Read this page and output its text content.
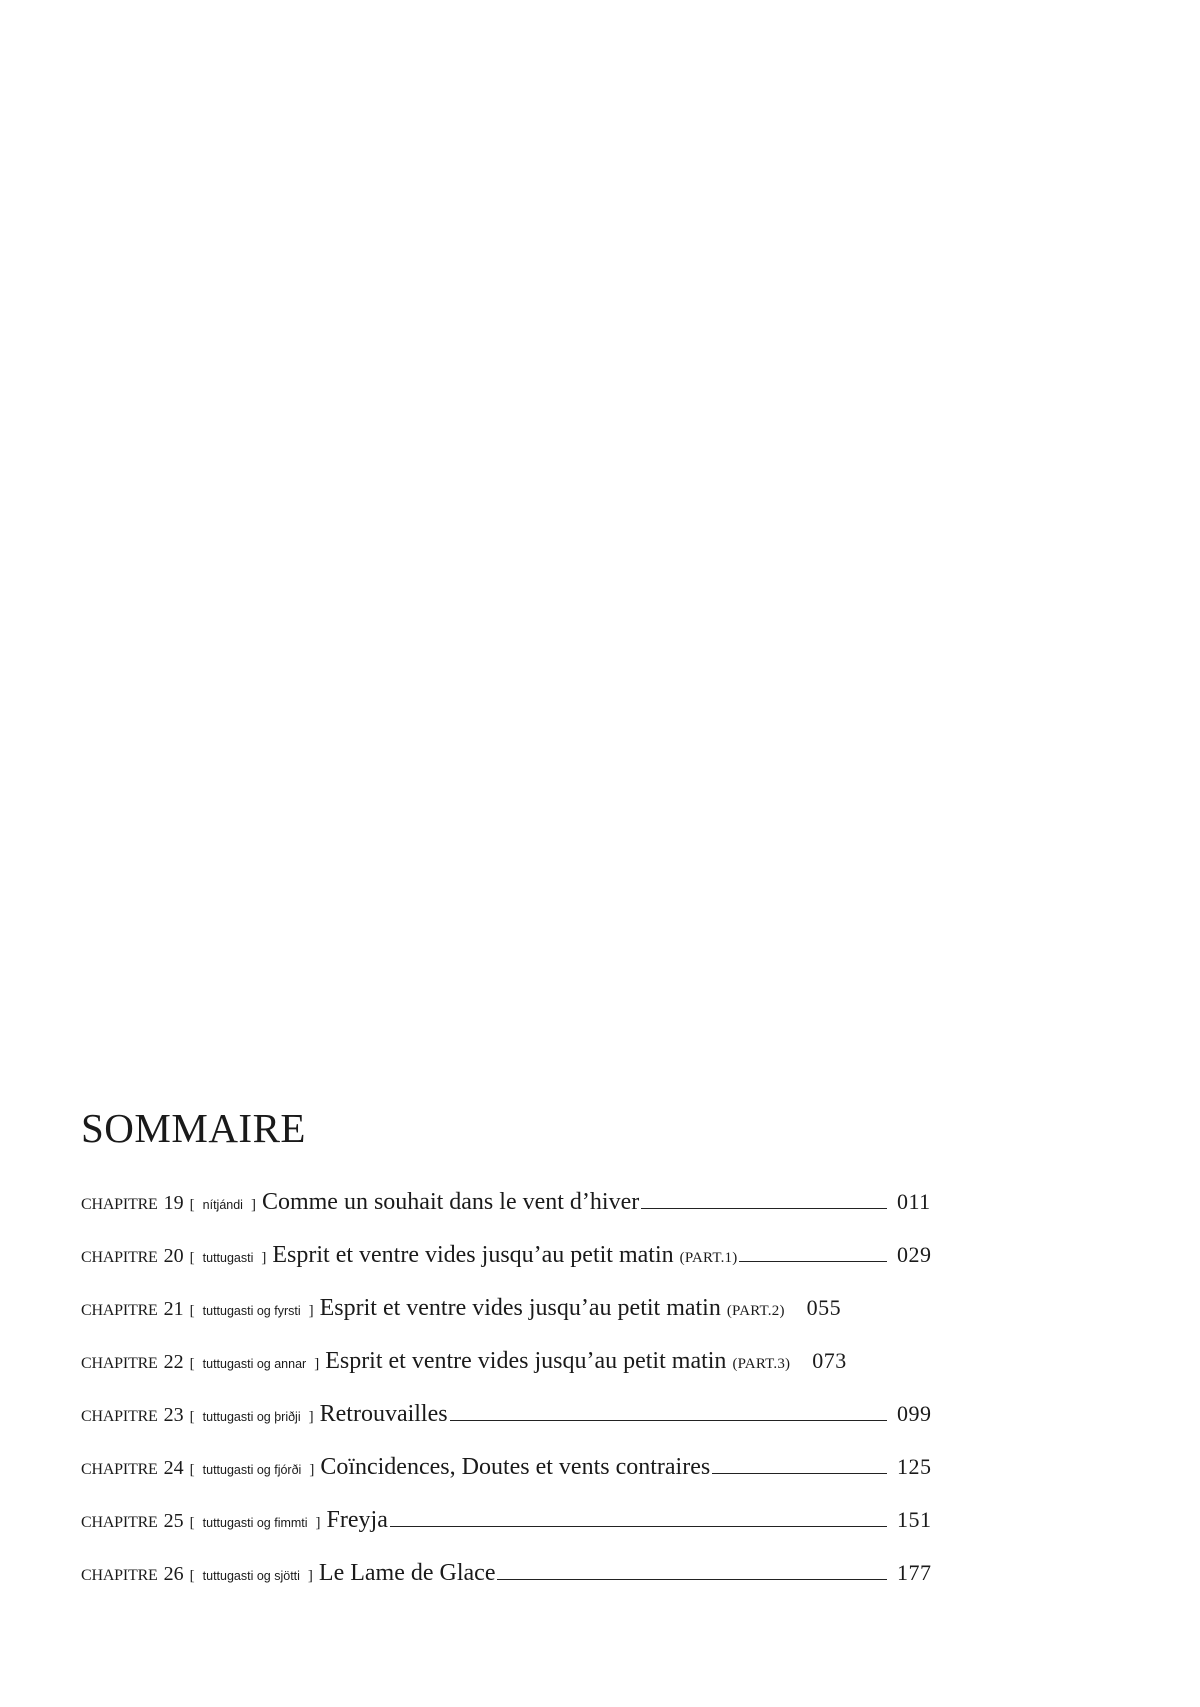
SOMMAIRE
CHAPITRE 19 [ nítjándi ] Comme un souhait dans le vent d’hiver	011
CHAPITRE 20 [ tuttugasti ] Esprit et ventre vides jusqu’au petit matin (PART.1)	029
CHAPITRE 21 [ tuttugasti og fyrsti ] Esprit et ventre vides jusqu’au petit matin (PART.2) 055
CHAPITRE 22 [ tuttugasti og annar ] Esprit et ventre vides jusqu’au petit matin (PART.3) 073
CHAPITRE 23 [ tuttugasti og þriðji ] Retrouvailles	099
CHAPITRE 24 [ tuttugasti og fjórði ] Coïncidences, Doutes et vents contraires	125
CHAPITRE 25 [ tuttugasti og fimmti ] Freyja	151
CHAPITRE 26 [ tuttugasti og sjötti ] Le Lame de Glace	177
